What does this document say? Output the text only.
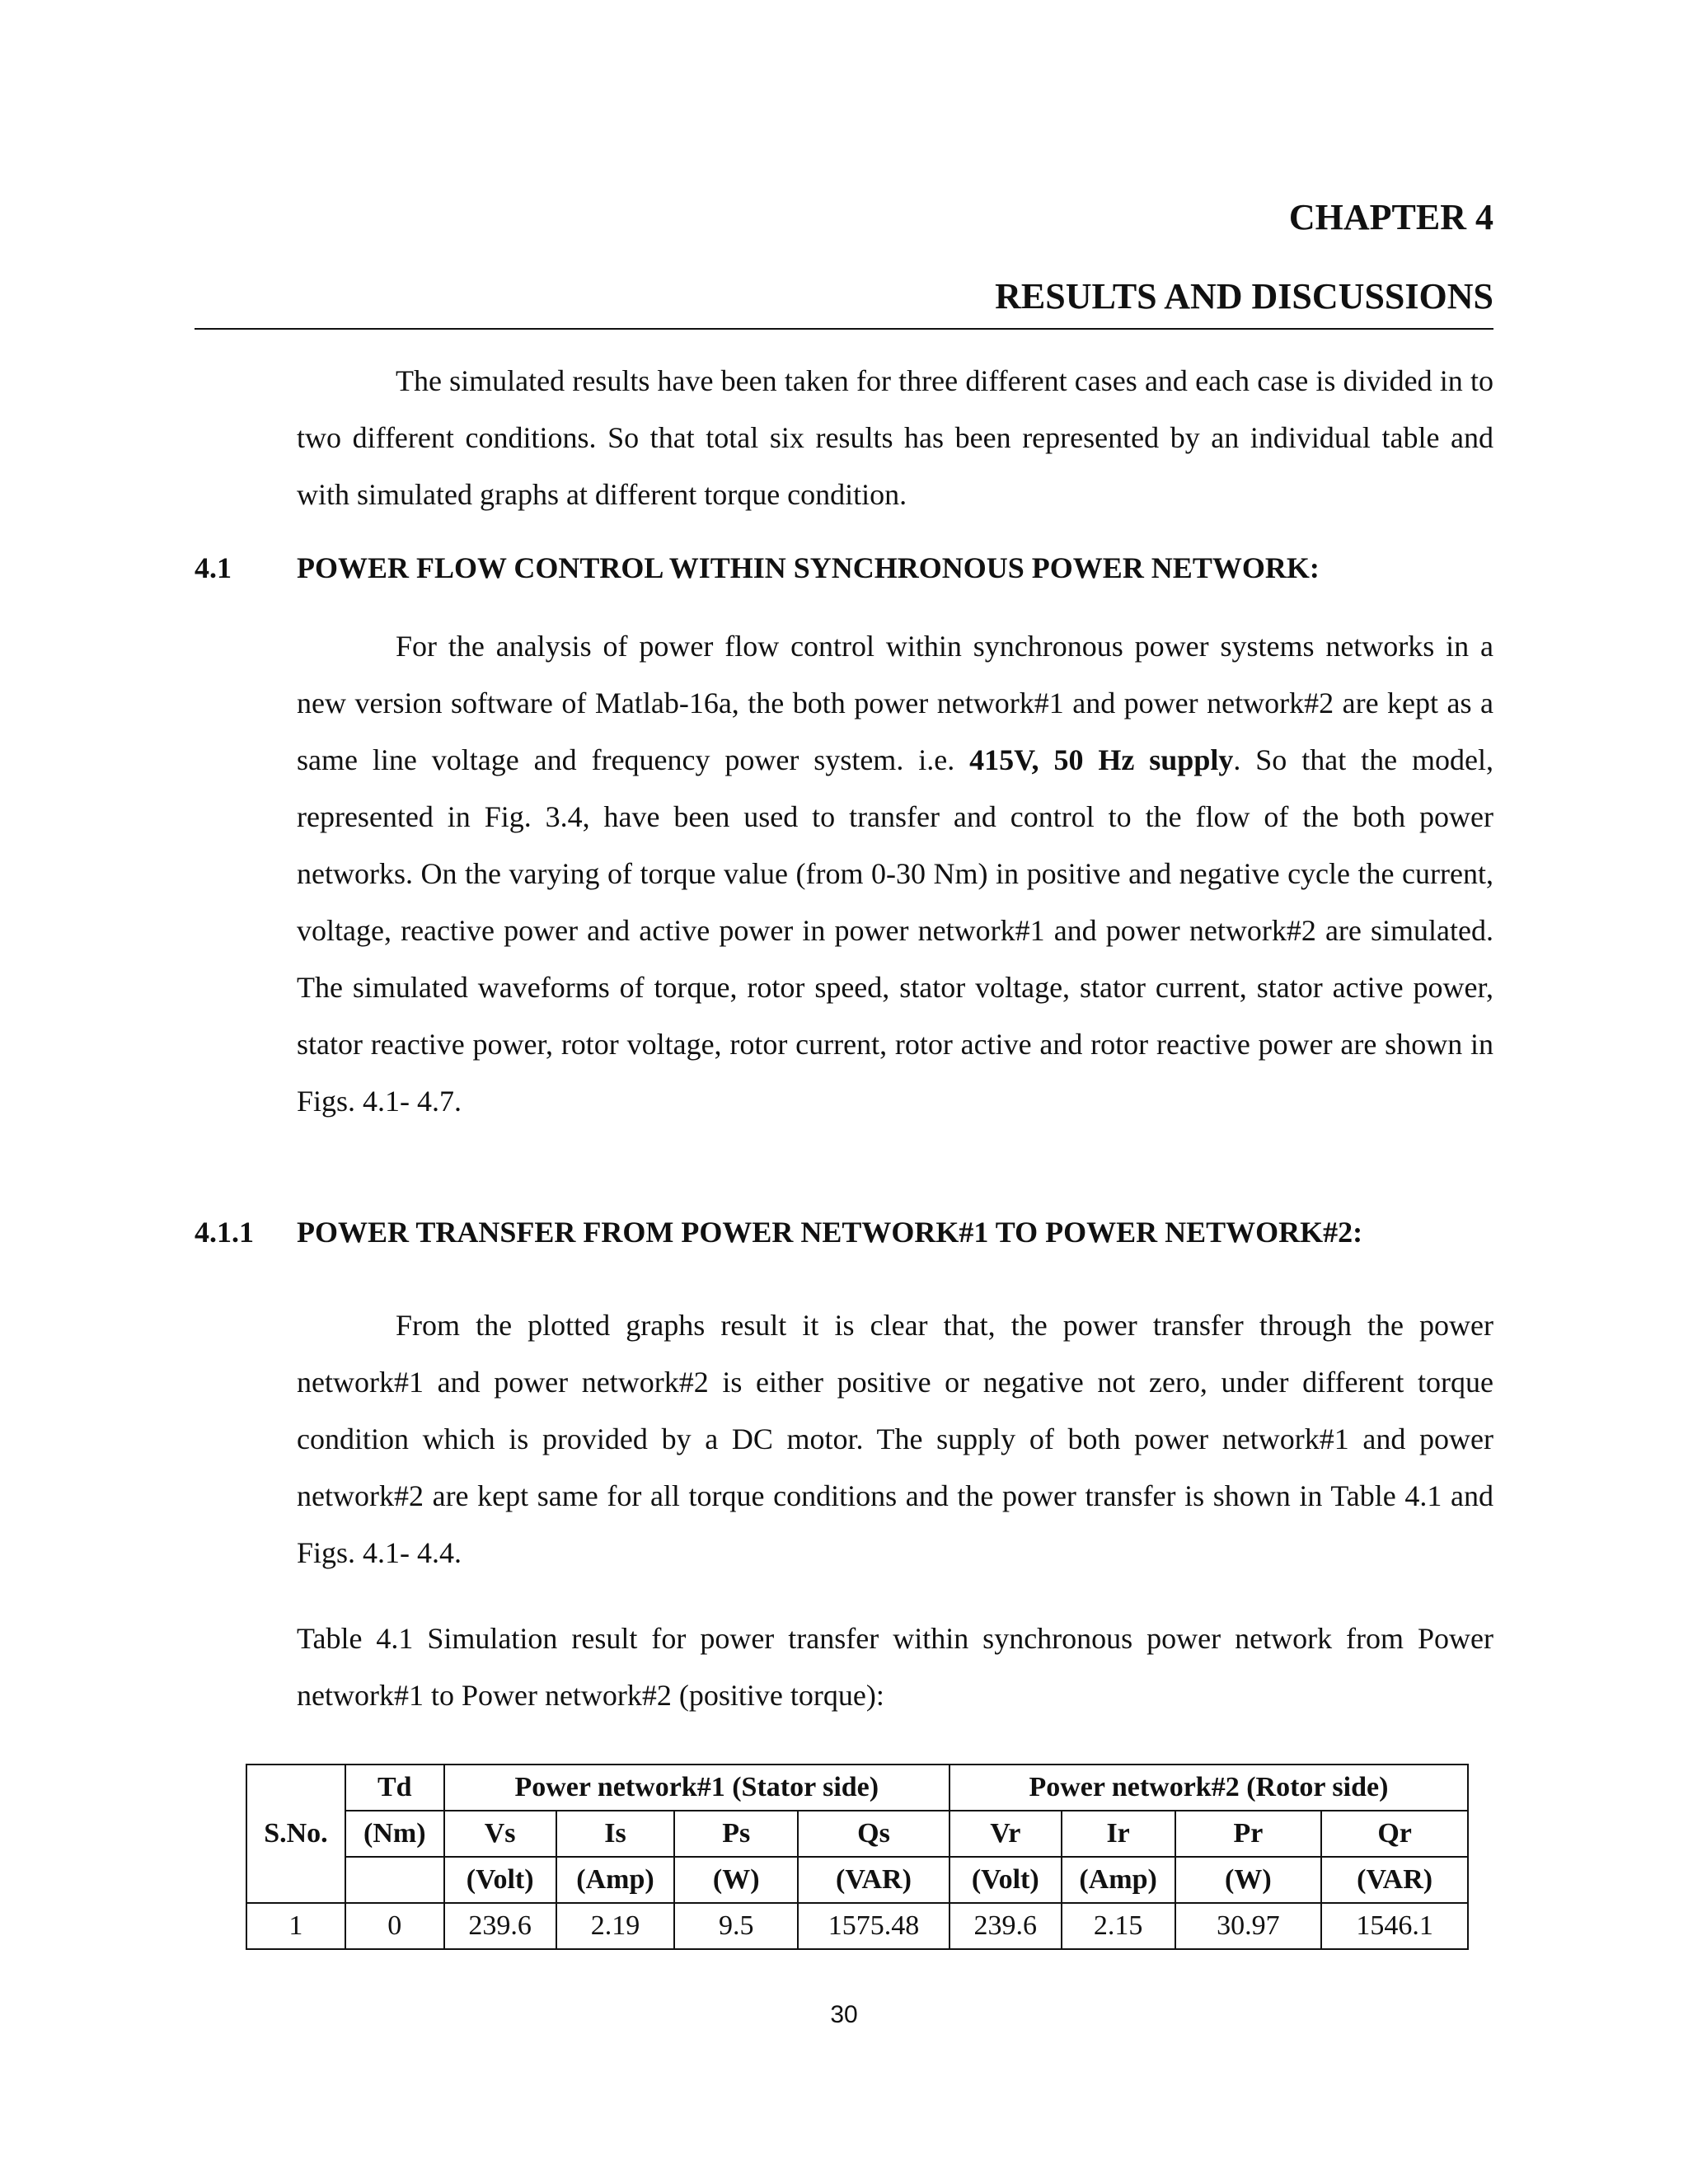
CHAPTER 4
RESULTS AND DISCUSSIONS

The simulated results have been taken for three different cases and each case is divided in to two different conditions. So that total six results has been represented by an individual table and with simulated graphs at different torque condition.

4.1 POWER FLOW CONTROL WITHIN SYNCHRONOUS POWER NETWORK:

For the analysis of power flow control within synchronous power systems networks in a new version software of Matlab-16a, the both power network#1 and power network#2 are kept as a same line voltage and frequency power system. i.e. 415V, 50 Hz supply. So that the model, represented in Fig. 3.4, have been used to transfer and control to the flow of the both power networks. On the varying of torque value (from 0-30 Nm) in positive and negative cycle the current, voltage, reactive power and active power in power network#1 and power network#2 are simulated. The simulated waveforms of torque, rotor speed, stator voltage, stator current, stator active power, stator reactive power, rotor voltage, rotor current, rotor active and rotor reactive power are shown in Figs. 4.1- 4.7.

4.1.1 POWER TRANSFER FROM POWER NETWORK#1 TO POWER NETWORK#2:

From the plotted graphs result it is clear that, the power transfer through the power network#1 and power network#2 is either positive or negative not zero, under different torque condition which is provided by a DC motor. The supply of both power network#1 and power network#2 are kept same for all torque conditions and the power transfer is shown in Table 4.1 and Figs. 4.1- 4.4.

Table 4.1 Simulation result for power transfer within synchronous power network from Power network#1 to Power network#2 (positive torque):

	Td	Power network#1 (Stator side)				Power network#2 (Rotor side)			
S.No.	(Nm)	Vs	Is	Ps	Qs	Vr	Ir	Pr	Qr
		(Volt)	(Amp)	(W)	(VAR)	(Volt)	(Amp)	(W)	(VAR)
1	0	239.6	2.19	9.5	1575.48	239.6	2.15	30.97	1546.1
30
